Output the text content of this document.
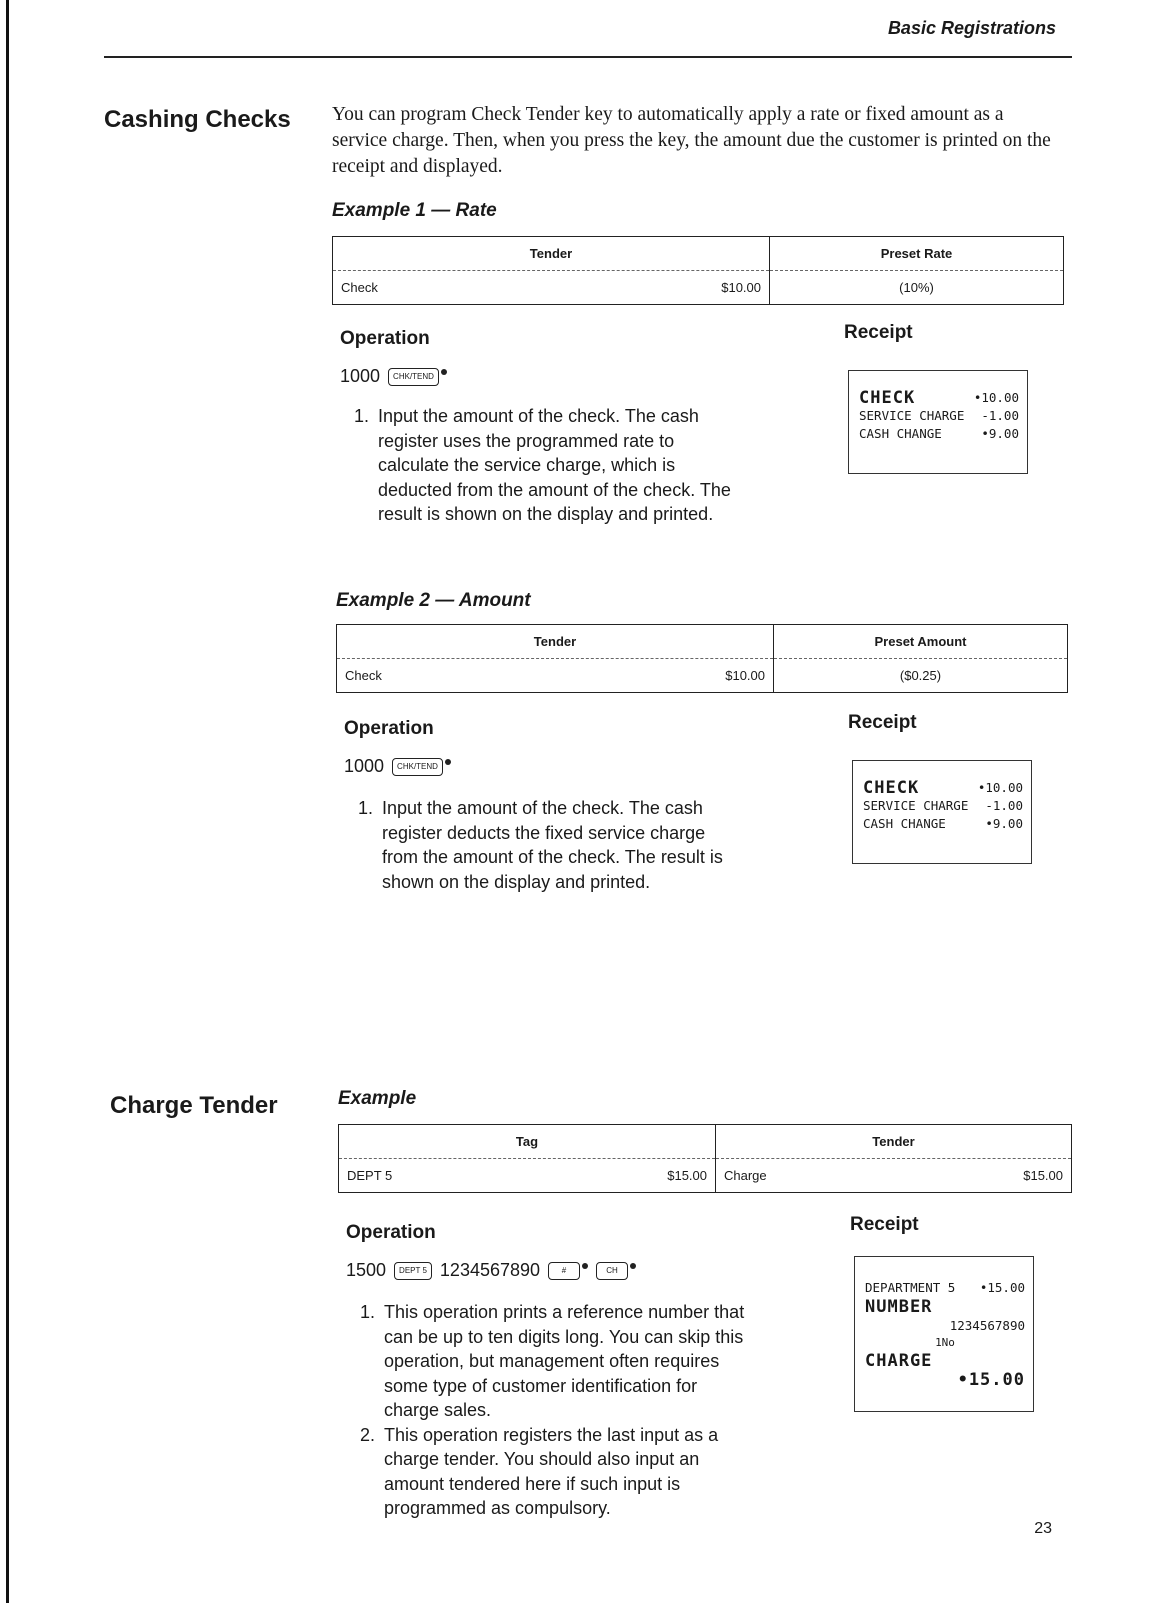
Basic Registrations
Cashing Checks You can program Check Tender key to automatically apply a rate or fixed amount as a service charge. Then, when you press the key, the amount due the customer is printed on the receipt and displayed.
Example 1 — Rate
Tender	Preset Rate
Check $10.00	(10%)
Operation
1000	CHK/TEND
1. Input the amount of the check. The cash register uses the programmed rate to calculate the service charge, which is deducted from the amount of the check. The result is shown on the display and printed.
Receipt
CHECK	•10.00
SERVICE CHARGE -1.00
CASH CHANGE	•9.00
Example 2 — Amount
Tender	Preset Amount
Check $10.00	($0.25)
Operation
1000	CHK/TEND
1. Input the amount of the check. The cash register deducts the fixed service charge from the amount of the check. The result is shown on the display and printed.
Receipt
CHECK	•10.00
SERVICE CHARGE -1.00
CASH CHANGE	•9.00
Charge Tender	Example
Tag	Tender
DEPT 5 $15.00	Charge $15.00
Operation
1500	DEPT 5 1234567890	#	CH
1. This operation prints a reference number that can be up to ten digits long. You can skip this operation, but management often requires some type of customer identification for charge sales.
2. This operation registers the last input as a charge tender. You should also input an amount tendered here if such input is programmed as compulsory.
Receipt
DEPARTMENT 5 •15.00
NUMBER
1234567890
1No
CHARGE
•15.00
23
